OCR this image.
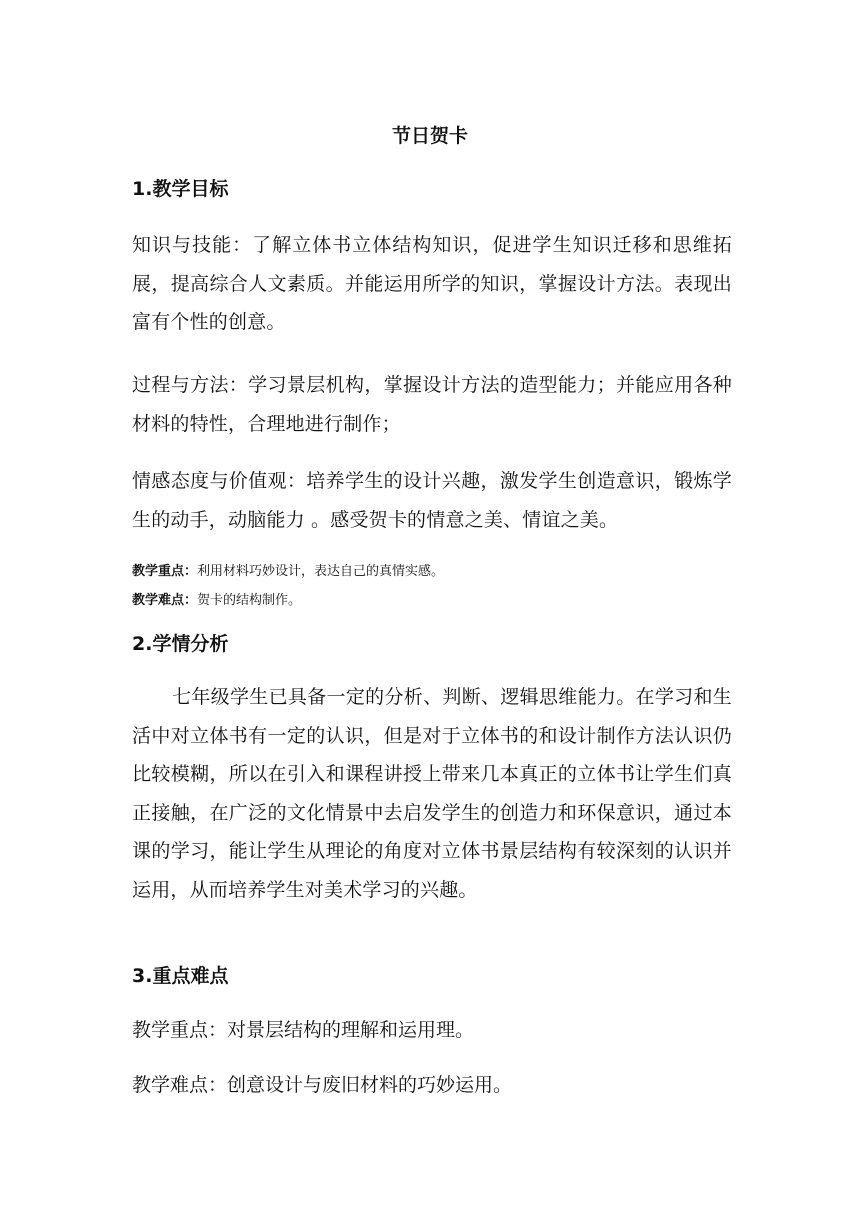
节日贺卡
1.教学目标
知识与技能：了解立体书立体结构知识，促进学生知识迁移和思维拓展，提高综合人文素质。并能运用所学的知识，掌握设计方法。表现出富有个性的创意。
过程与方法：学习景层机构，掌握设计方法的造型能力；并能应用各种材料的特性，合理地进行制作；
情感态度与价值观：培养学生的设计兴趣，激发学生创造意识，锻炼学生的动手，动脑能力 。感受贺卡的情意之美、情谊之美。
教学重点：利用材料巧妙设计，表达自己的真情实感。
教学难点：贺卡的结构制作。
2.学情分析
七年级学生已具备一定的分析、判断、逻辑思维能力。在学习和生活中对立体书有一定的认识，但是对于立体书的和设计制作方法认识仍比较模糊，所以在引入和课程讲授上带来几本真正的立体书让学生们真正接触，在广泛的文化情景中去启发学生的创造力和环保意识，通过本课的学习，能让学生从理论的角度对立体书景层结构有较深刻的认识并运用，从而培养学生对美术学习的兴趣。
3.重点难点
教学重点：对景层结构的理解和运用理。
教学难点：创意设计与废旧材料的巧妙运用。
